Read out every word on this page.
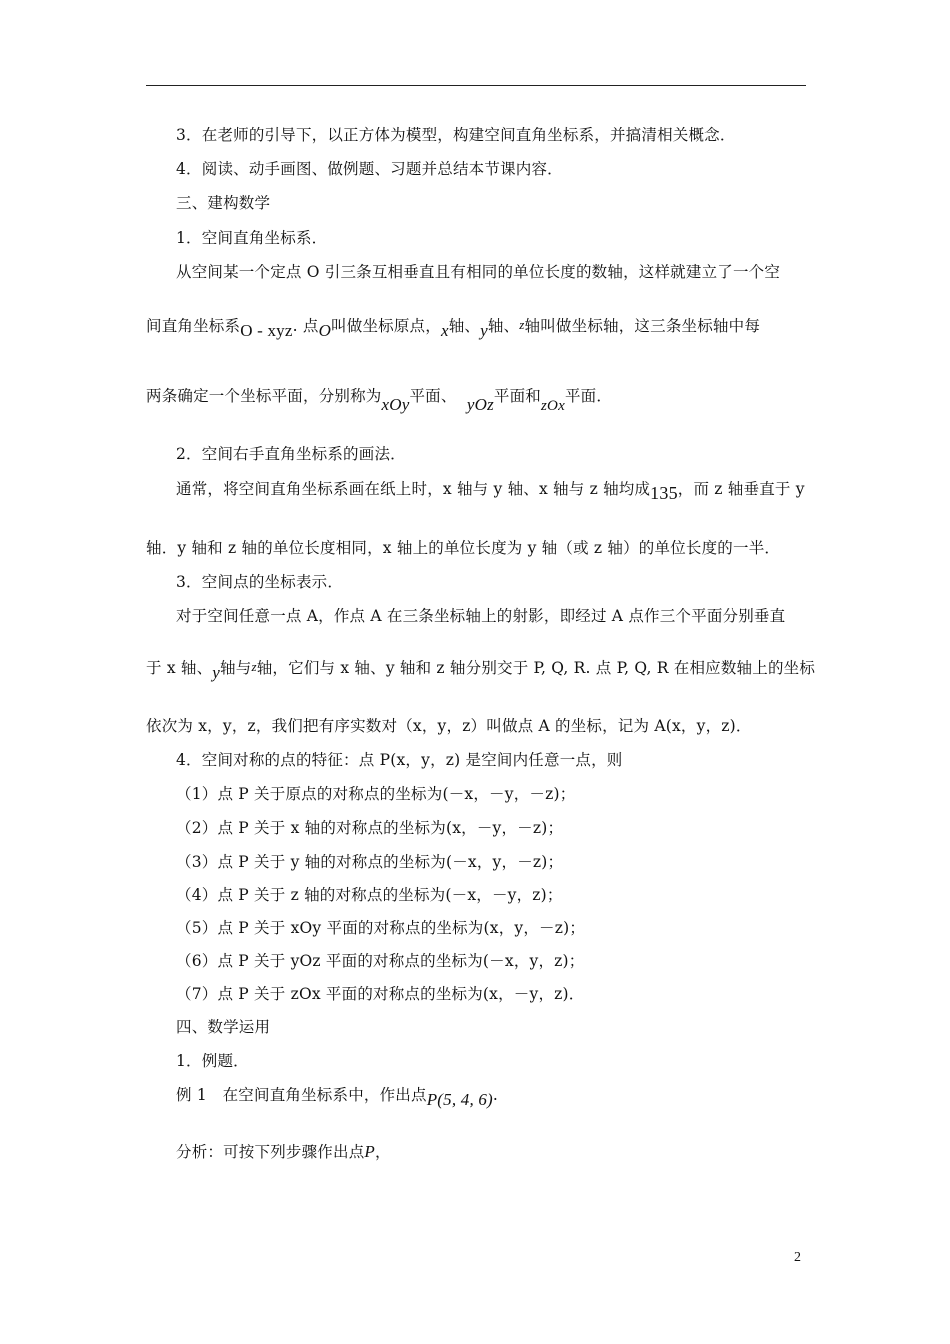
3．在老师的引导下，以正方体为模型，构建空间直角坐标系，并搞清相关概念．
4．阅读、动手画图、做例题、习题并总结本节课内容．
三、建构数学
1．空间直角坐标系．
从空间某一个定点 O 引三条互相垂直且有相同的单位长度的数轴，这样就建立了一个空
间直角坐标系O - xyz. 点O叫做坐标原点，x轴、y轴、z轴叫做坐标轴，这三条坐标轴中每
两条确定一个坐标平面，分别称为xOy平面、 yOz平面和zOx平面．
2．空间右手直角坐标系的画法．
通常，将空间直角坐标系画在纸上时，x 轴与 y 轴、x 轴与 z 轴均成135，而 z 轴垂直于 y
轴．y 轴和 z 轴的单位长度相同，x 轴上的单位长度为 y 轴（或 z 轴）的单位长度的一半．
3．空间点的坐标表示．
对于空间任意一点 A，作点 A 在三条坐标轴上的射影，即经过 A 点作三个平面分别垂直
于 x 轴、y轴与z轴，它们与 x 轴、y 轴和 z 轴分别交于 P, Q, R. 点 P, Q, R 在相应数轴上的坐标
依次为 x，y，z，我们把有序实数对（x，y，z）叫做点 A 的坐标，记为 A(x，y，z)．
4．空间对称的点的特征：点 P(x，y，z) 是空间内任意一点，则
（1）点 P 关于原点的对称点的坐标为(－x，－y，－z)；
（2）点 P 关于 x 轴的对称点的坐标为(x，－y，－z)；
（3）点 P 关于 y 轴的对称点的坐标为(－x，y，－z)；
（4）点 P 关于 z 轴的对称点的坐标为(－x，－y，z)；
（5）点 P 关于 xOy 平面的对称点的坐标为(x，y，－z)；
（6）点 P 关于 yOz 平面的对称点的坐标为(－x，y，z)；
（7）点 P 关于 zOx 平面的对称点的坐标为(x，－y，z)．
四、数学运用
1．例题．
例 1　在空间直角坐标系中，作出点P(5, 4, 6).
分析：可按下列步骤作出点P，
2
